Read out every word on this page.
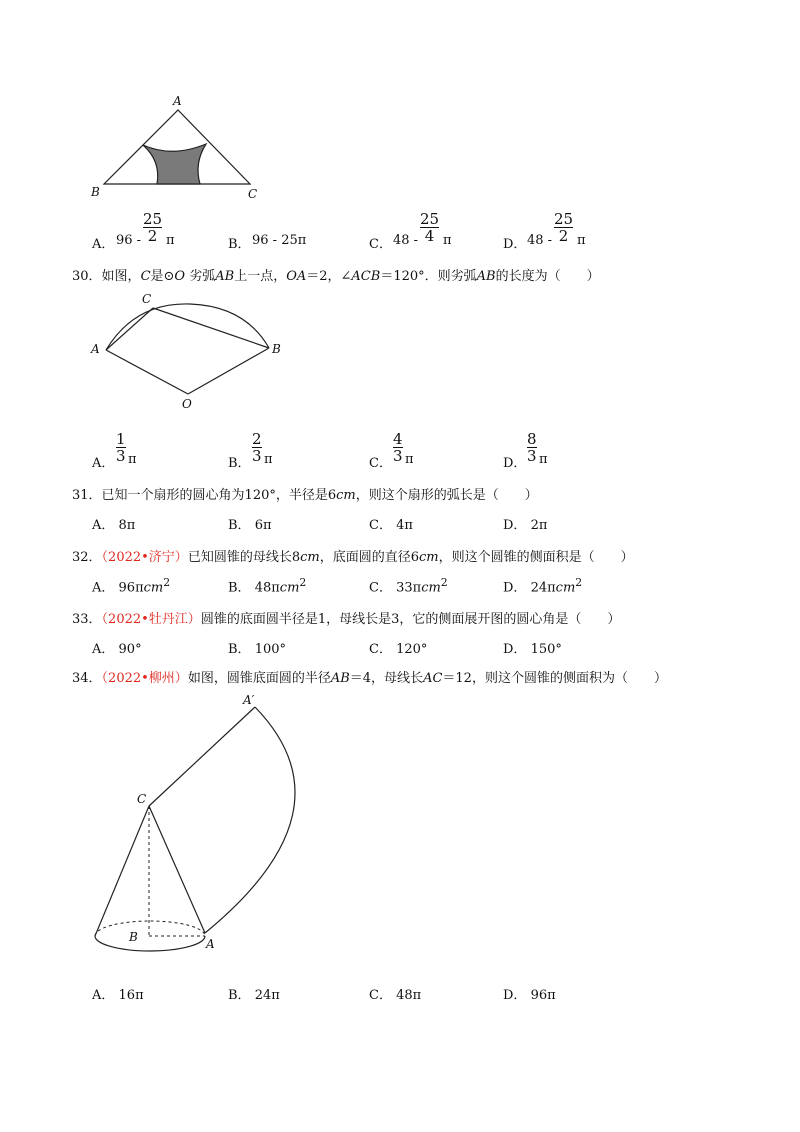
A
B	C
A． $96 - \frac{25}{2}$ π	B． 96 - 25π	C． $48 - \frac{25}{4}$ π	D． $48 - \frac{25}{2}$ π
30．如图，C是⊙O 劣弧AB上一点，OA＝2，∠ACB＝120°．则劣弧AB的长度为（　　）
C
A	B
O
A． $\frac{1}{3}$ π	B． $\frac{2}{3}$ π	C． $\frac{4}{3}$ π	D． $\frac{8}{3}$ π
31．已知一个扇形的圆心角为120°，半径是6cm，则这个扇形的弧长是（　　）
A． 8π	B． 6π	C． 4π	D． 2π
32．（2022•济宁）已知圆锥的母线长8cm，底面圆的直径6cm，则这个圆锥的侧面积是（　　）
A． 96πcm$^2$	B． 48πcm$^2$	C． 33πcm$^2$	D． 24πcm$^2$
33．（2022•牡丹江）圆锥的底面圆半径是1，母线长是3，它的侧面展开图的圆心角是（　　）
A． 90°	B． 100°	C． 120°	D． 150°
34．（2022•柳州）如图，圆锥底面圆的半径AB＝4，母线长AC＝12，则这个圆锥的侧面积为（　　）
A′
C
B	A
A． 16π	B． 24π	C． 48π	D． 96π
